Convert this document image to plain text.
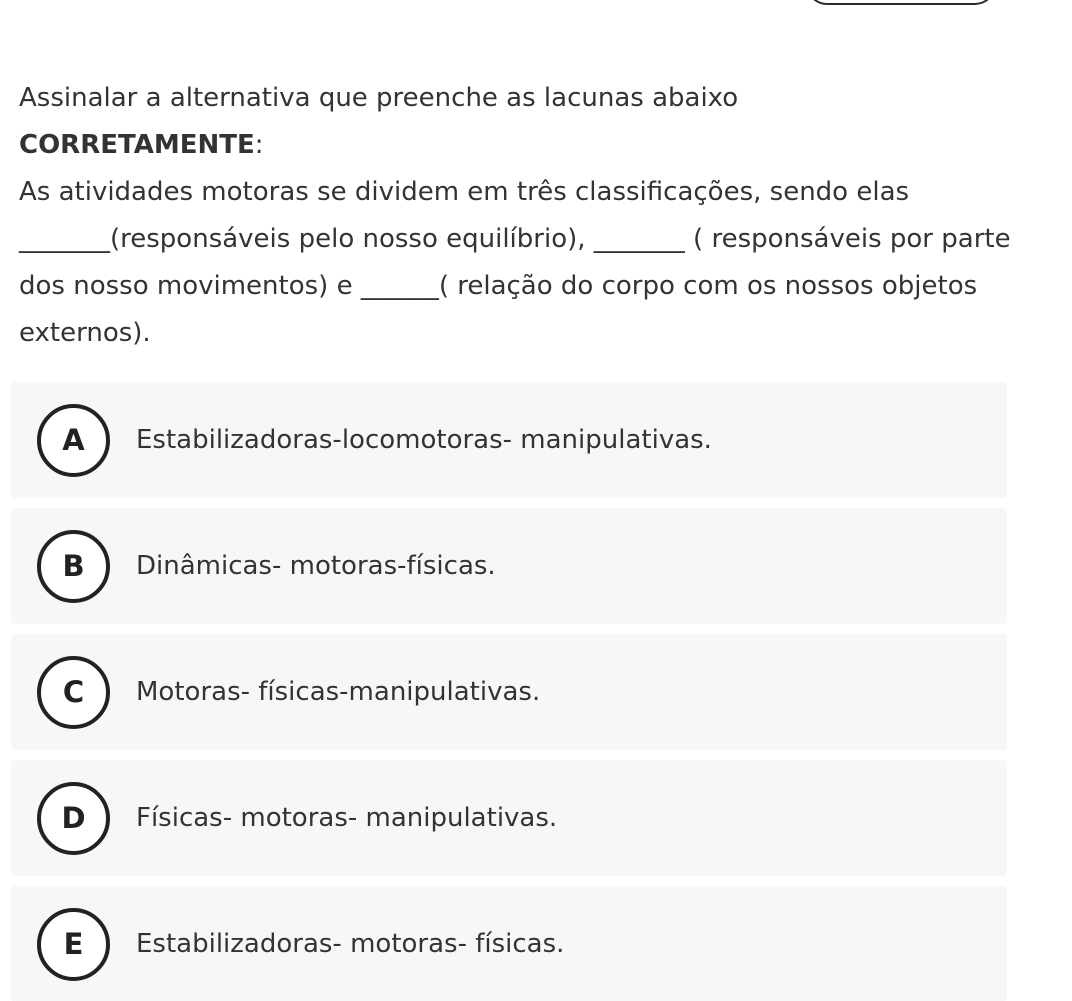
Assinalar a alternativa que preenche as lacunas abaixo
CORRETAMENTE:

As atividades motoras se dividem em três classificações, sendo elas _______(responsáveis pelo nosso equilíbrio), _______ ( responsáveis por parte dos nosso movimentos) e ______( relação do corpo com os nossos objetos externos).

A	Estabilizadoras-locomotoras- manipulativas.
B	Dinâmicas- motoras-físicas.
C	Motoras- físicas-manipulativas.
D	Físicas- motoras- manipulativas.
E	Estabilizadoras- motoras- físicas.
